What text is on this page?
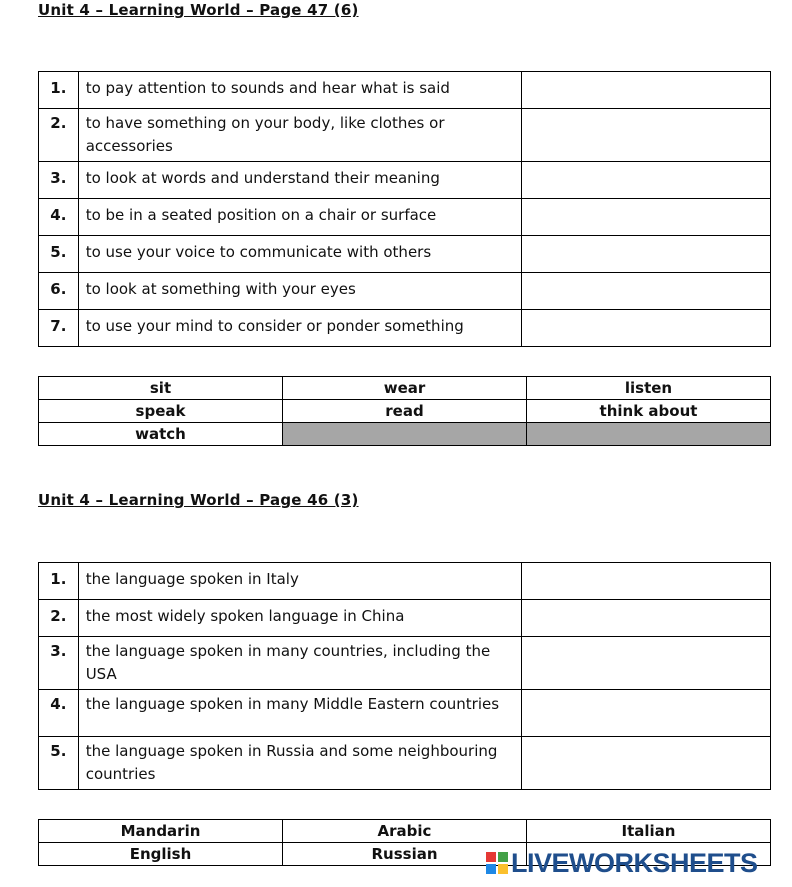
Unit 4 – Learning World – Page 47 (6)
1.	to pay attention to sounds and hear what is said	
2.	to have something on your body, like clothes or accessories	
3.	to look at words and understand their meaning	
4.	to be in a seated position on a chair or surface	
5.	to use your voice to communicate with others	
6.	to look at something with your eyes	
7.	to use your mind to consider or ponder something	
sit	wear	listen
speak	read	think about
watch		
Unit 4 – Learning World – Page 46 (3)
1.	the language spoken in Italy	
2.	the most widely spoken language in China	
3.	the language spoken in many countries, including the USA	
4.	the language spoken in many Middle Eastern countries	
5.	the language spoken in Russia and some neighbouring countries	
Mandarin	Arabic	Italian
English	Russian		LIVEWORKSHEETS
